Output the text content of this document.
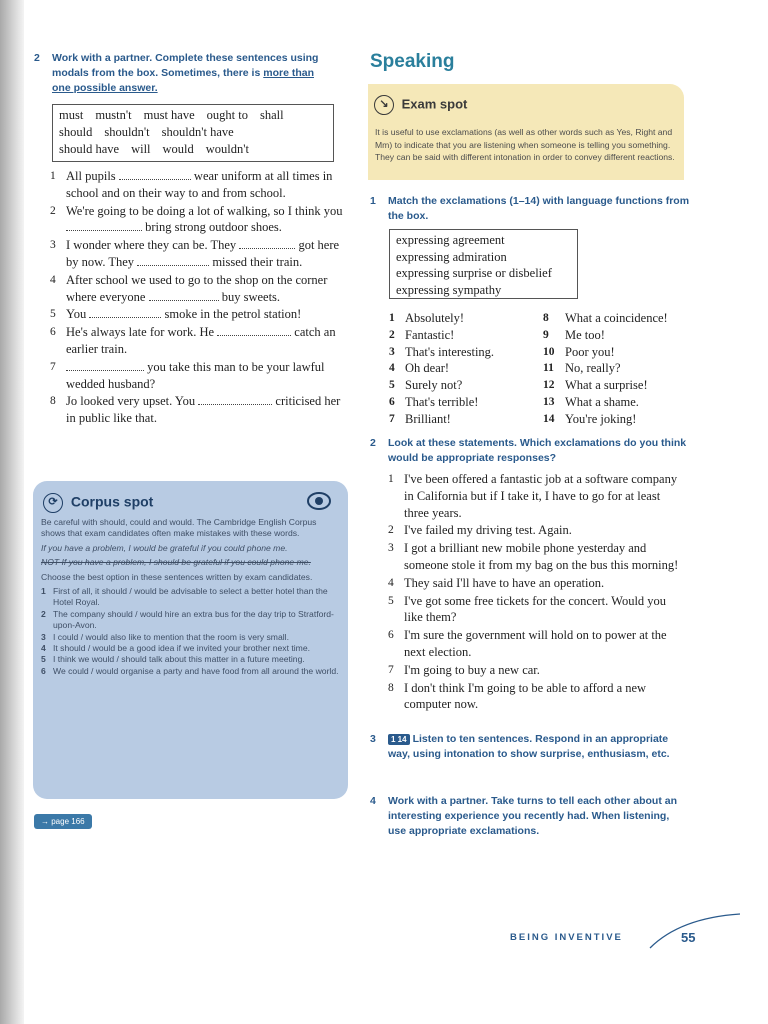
2 Work with a partner. Complete these sentences using modals from the box. Sometimes, there is more than one possible answer.
must mustn't must have ought to shall
should shouldn't shouldn't have
should have will would wouldn't
1 All pupils	wear uniform at all times in school and on their way to and from school.
2 We're going to be doing a lot of walking, so I think you  bring strong outdoor shoes.
3 I wonder where they can be. They	got here by now. They	missed their train.
4 After school we used to go to the shop on the corner where everyone	buy sweets.
5 You	smoke in the petrol station!
6 He's always late for work. He	catch an earlier train.
7	you take this man to be your lawful wedded husband?
8 Jo looked very upset. You	criticised her in public like that.
⟳ Corpus spot

Be careful with should, could and would. The Cambridge English Corpus shows that exam candidates often make mistakes with these words.

If you have a problem, I would be grateful if you could phone me.

NOT If you have a problem, I should be grateful if you could phone me.

Choose the best option in these sentences written by exam candidates.

1 First of all, it should / would be advisable to select a better hotel than the Hotel Royal.
2 The company should / would hire an extra bus for the day trip to Stratford-upon-Avon.
3 I could / would also like to mention that the room is very small.
4 It should / would be a good idea if we invited your brother next time.
5 I think we would / should talk about this matter in a future meeting.
6 We could / would organise a party and have food from all around the world.
→ page 166
Speaking
↘ Exam spot
It is useful to use exclamations (as well as other words such as Yes, Right and Mm) to indicate that you are listening when someone is telling you something. They can be said with different intonation in order to convey different reactions.
1 Match the exclamations (1–14) with language functions from the box.
expressing agreement
expressing admiration
expressing surprise or disbelief
expressing sympathy
1 Absolutely!
2 Fantastic!
3 That's interesting.
4 Oh dear!
5 Surely not?
6 That's terrible!
7 Brilliant!
8 What a coincidence!
9 Me too!
10 Poor you!
11 No, really?
12 What a surprise!
13 What a shame.
14 You're joking!
2 Look at these statements. Which exclamations do you think would be appropriate responses?
1 I've been offered a fantastic job at a software company in California but if I take it, I have to go for at least three years.
2 I've failed my driving test. Again.
3 I got a brilliant new mobile phone yesterday and someone stole it from my bag on the bus this morning!
4 They said I'll have to have an operation.
5 I've got some free tickets for the concert. Would you like them?
6 I'm sure the government will hold on to power at the next election.
7 I'm going to buy a new car.
8 I don't think I'm going to be able to afford a new computer now.
3	1 14 Listen to ten sentences. Respond in an appropriate way, using intonation to show surprise, enthusiasm, etc.
4 Work with a partner. Take turns to tell each other about an interesting experience you recently had. When listening, use appropriate exclamations.
BEING INVENTIVE	55
